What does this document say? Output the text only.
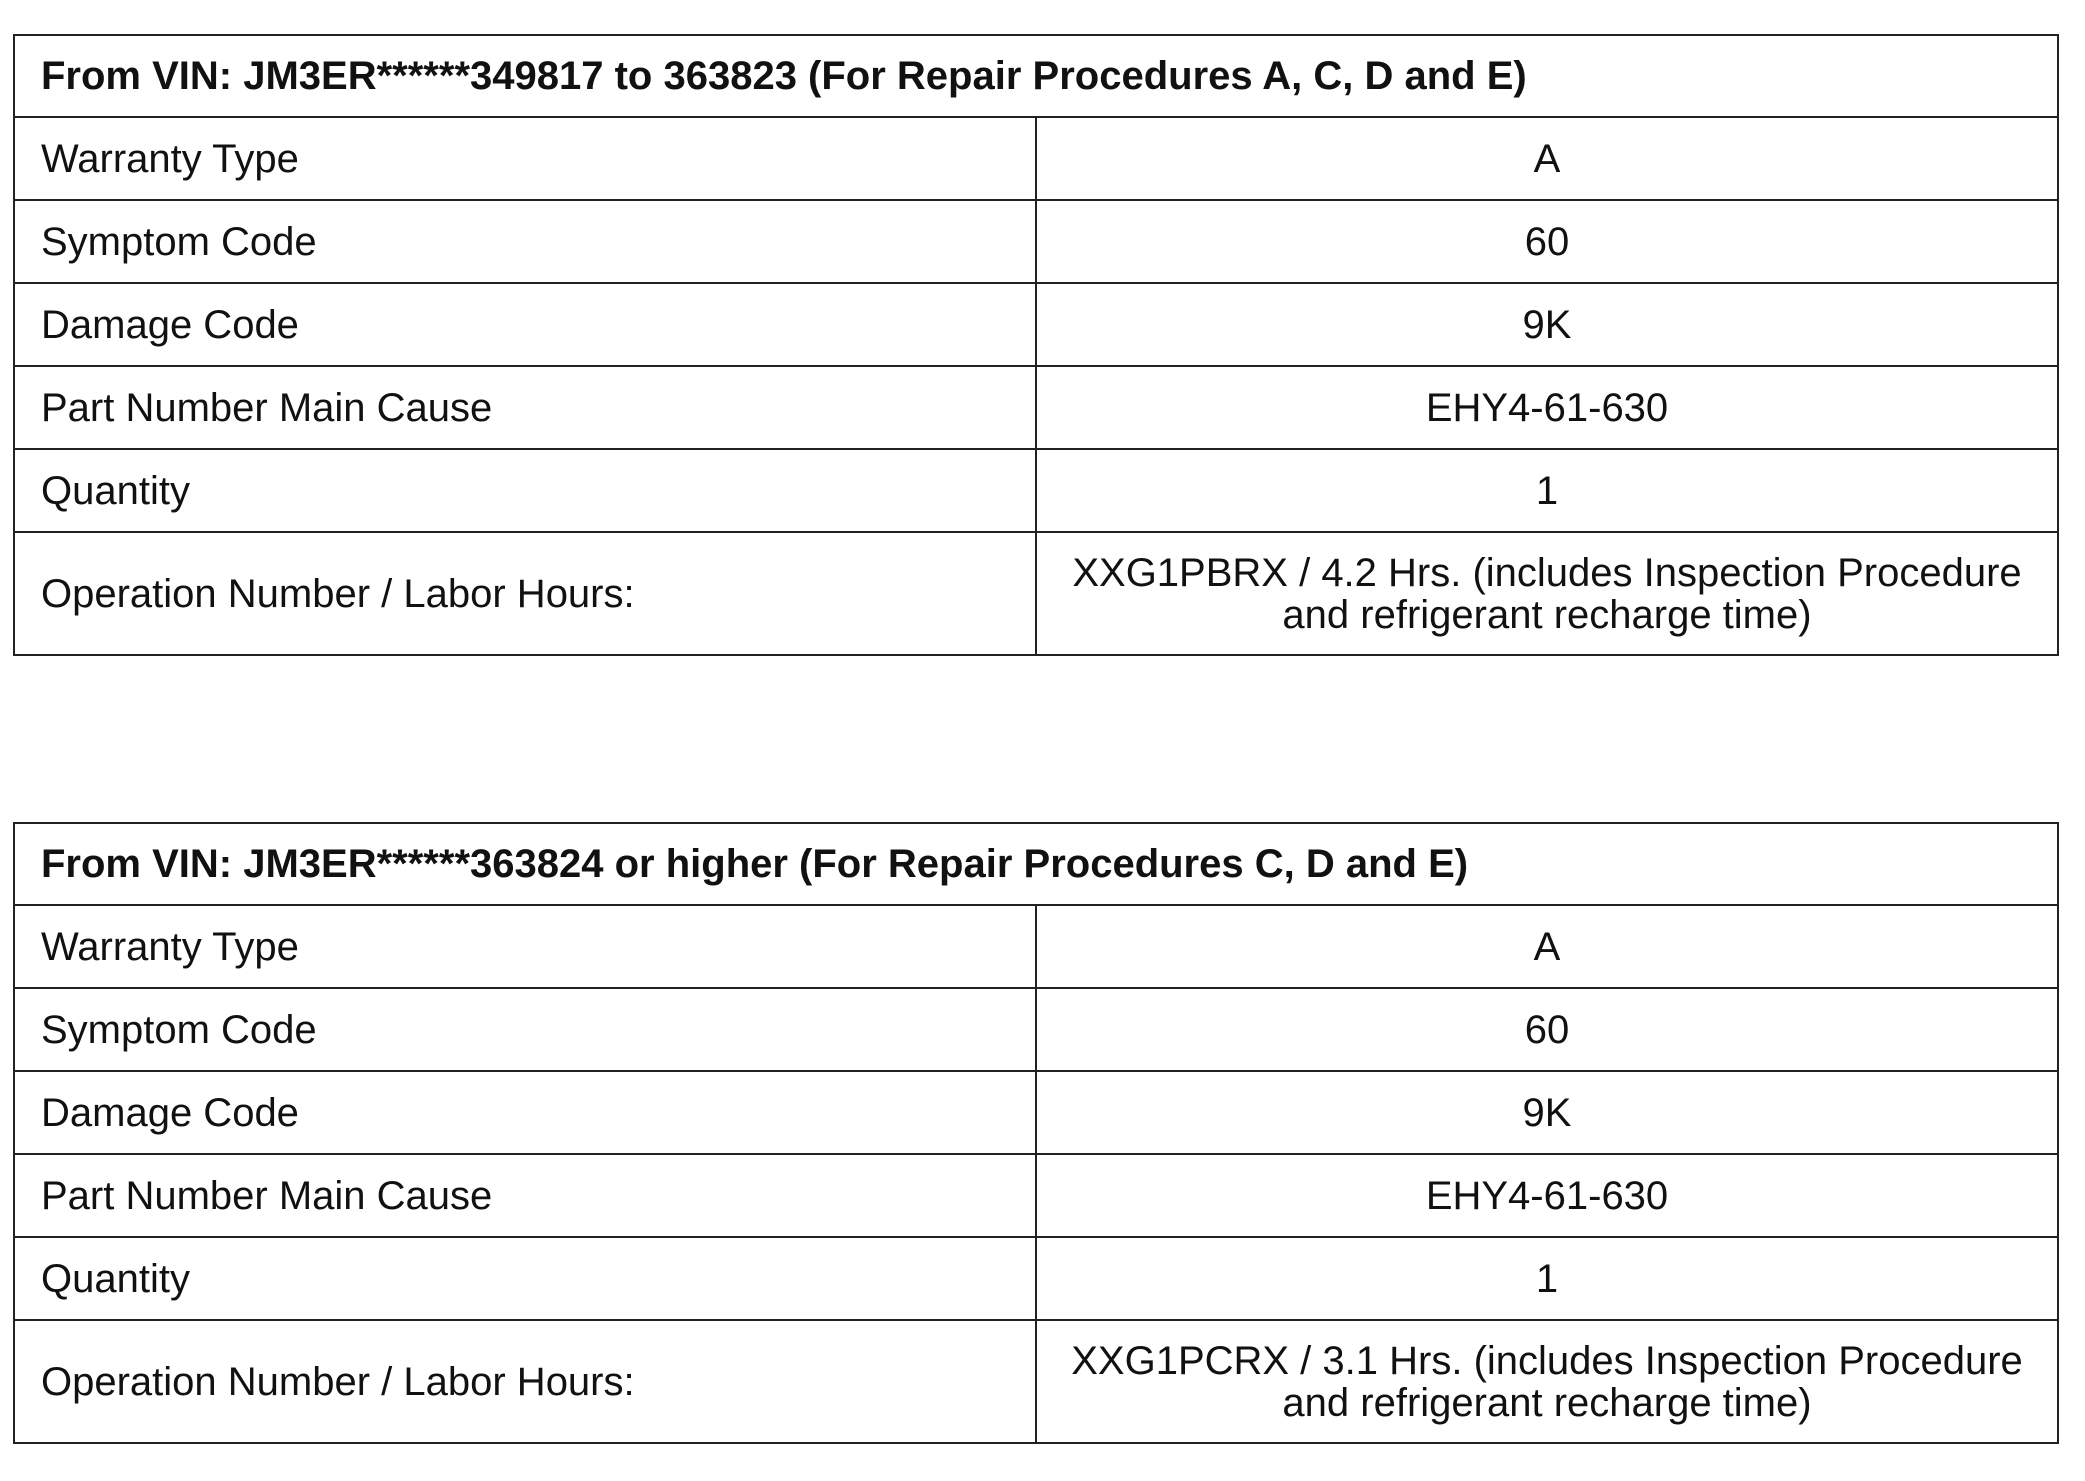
From VIN: JM3ER******349817 to 363823 (For Repair Procedures A, C, D and E)	
Warranty Type	A
Symptom Code	60
Damage Code	9K
Part Number Main Cause	EHY4-61-630
Quantity	1
Operation Number / Labor Hours:	XXG1PBRX / 4.2 Hrs. (includes Inspection Procedure and refrigerant recharge time)
From VIN: JM3ER******363824 or higher (For Repair Procedures C, D and E)	
Warranty Type	A
Symptom Code	60
Damage Code	9K
Part Number Main Cause	EHY4-61-630
Quantity	1
Operation Number / Labor Hours:	XXG1PCRX / 3.1 Hrs. (includes Inspection Procedure and refrigerant recharge time)
